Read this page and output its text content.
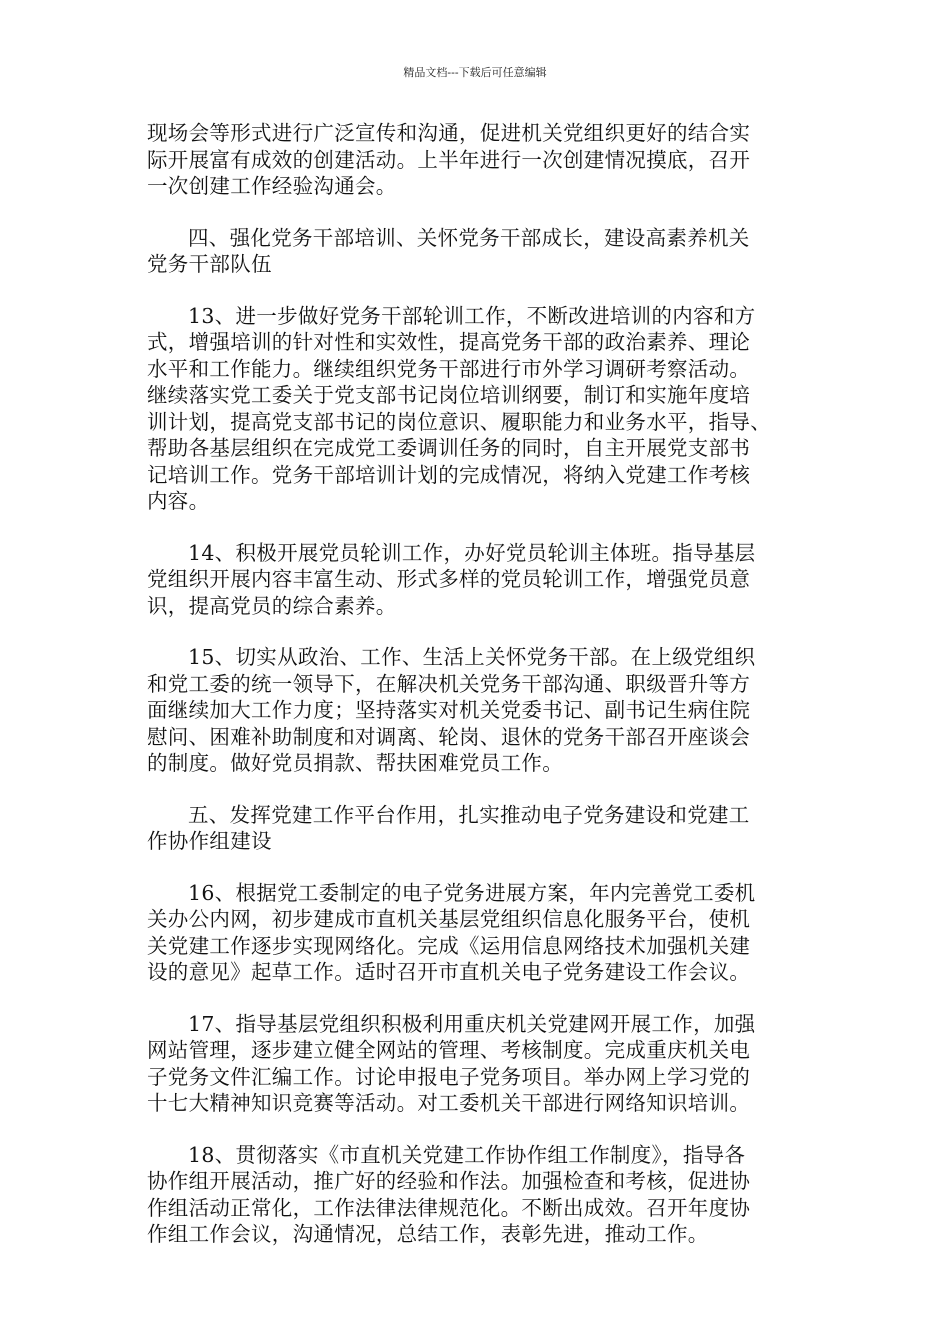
精品文档---下载后可任意编辑

现场会等形式进行广泛宣传和沟通，促进机关党组织更好的结合实
际开展富有成效的创建活动。上半年进行一次创建情况摸底，召开
一次创建工作经验沟通会。

四、强化党务干部培训、关怀党务干部成长，建设高素养机关
党务干部队伍

13、进一步做好党务干部轮训工作，不断改进培训的内容和方
式，增强培训的针对性和实效性，提高党务干部的政治素养、理论
水平和工作能力。继续组织党务干部进行市外学习调研考察活动。
继续落实党工委关于党支部书记岗位培训纲要，制订和实施年度培
训计划，提高党支部书记的岗位意识、履职能力和业务水平，指导、
帮助各基层组织在完成党工委调训任务的同时，自主开展党支部书
记培训工作。党务干部培训计划的完成情况，将纳入党建工作考核
内容。

14、积极开展党员轮训工作，办好党员轮训主体班。指导基层
党组织开展内容丰富生动、形式多样的党员轮训工作，增强党员意
识，提高党员的综合素养。

15、切实从政治、工作、生活上关怀党务干部。在上级党组织
和党工委的统一领导下，在解决机关党务干部沟通、职级晋升等方
面继续加大工作力度；坚持落实对机关党委书记、副书记生病住院
慰问、困难补助制度和对调离、轮岗、退休的党务干部召开座谈会
的制度。做好党员捐款、帮扶困难党员工作。

五、发挥党建工作平台作用，扎实推动电子党务建设和党建工
作协作组建设

16、根据党工委制定的电子党务进展方案，年内完善党工委机
关办公内网，初步建成市直机关基层党组织信息化服务平台，使机
关党建工作逐步实现网络化。完成《运用信息网络技术加强机关建
设的意见》起草工作。适时召开市直机关电子党务建设工作会议。

17、指导基层党组织积极利用重庆机关党建网开展工作，加强
网站管理，逐步建立健全网站的管理、考核制度。完成重庆机关电
子党务文件汇编工作。讨论申报电子党务项目。举办网上学习党的
十七大精神知识竞赛等活动。对工委机关干部进行网络知识培训。

18、贯彻落实《市直机关党建工作协作组工作制度》，指导各
协作组开展活动，推广好的经验和作法。加强检查和考核，促进协
作组活动正常化，工作法律法律规范化。不断出成效。召开年度协
作组工作会议，沟通情况，总结工作，表彰先进，推动工作。
